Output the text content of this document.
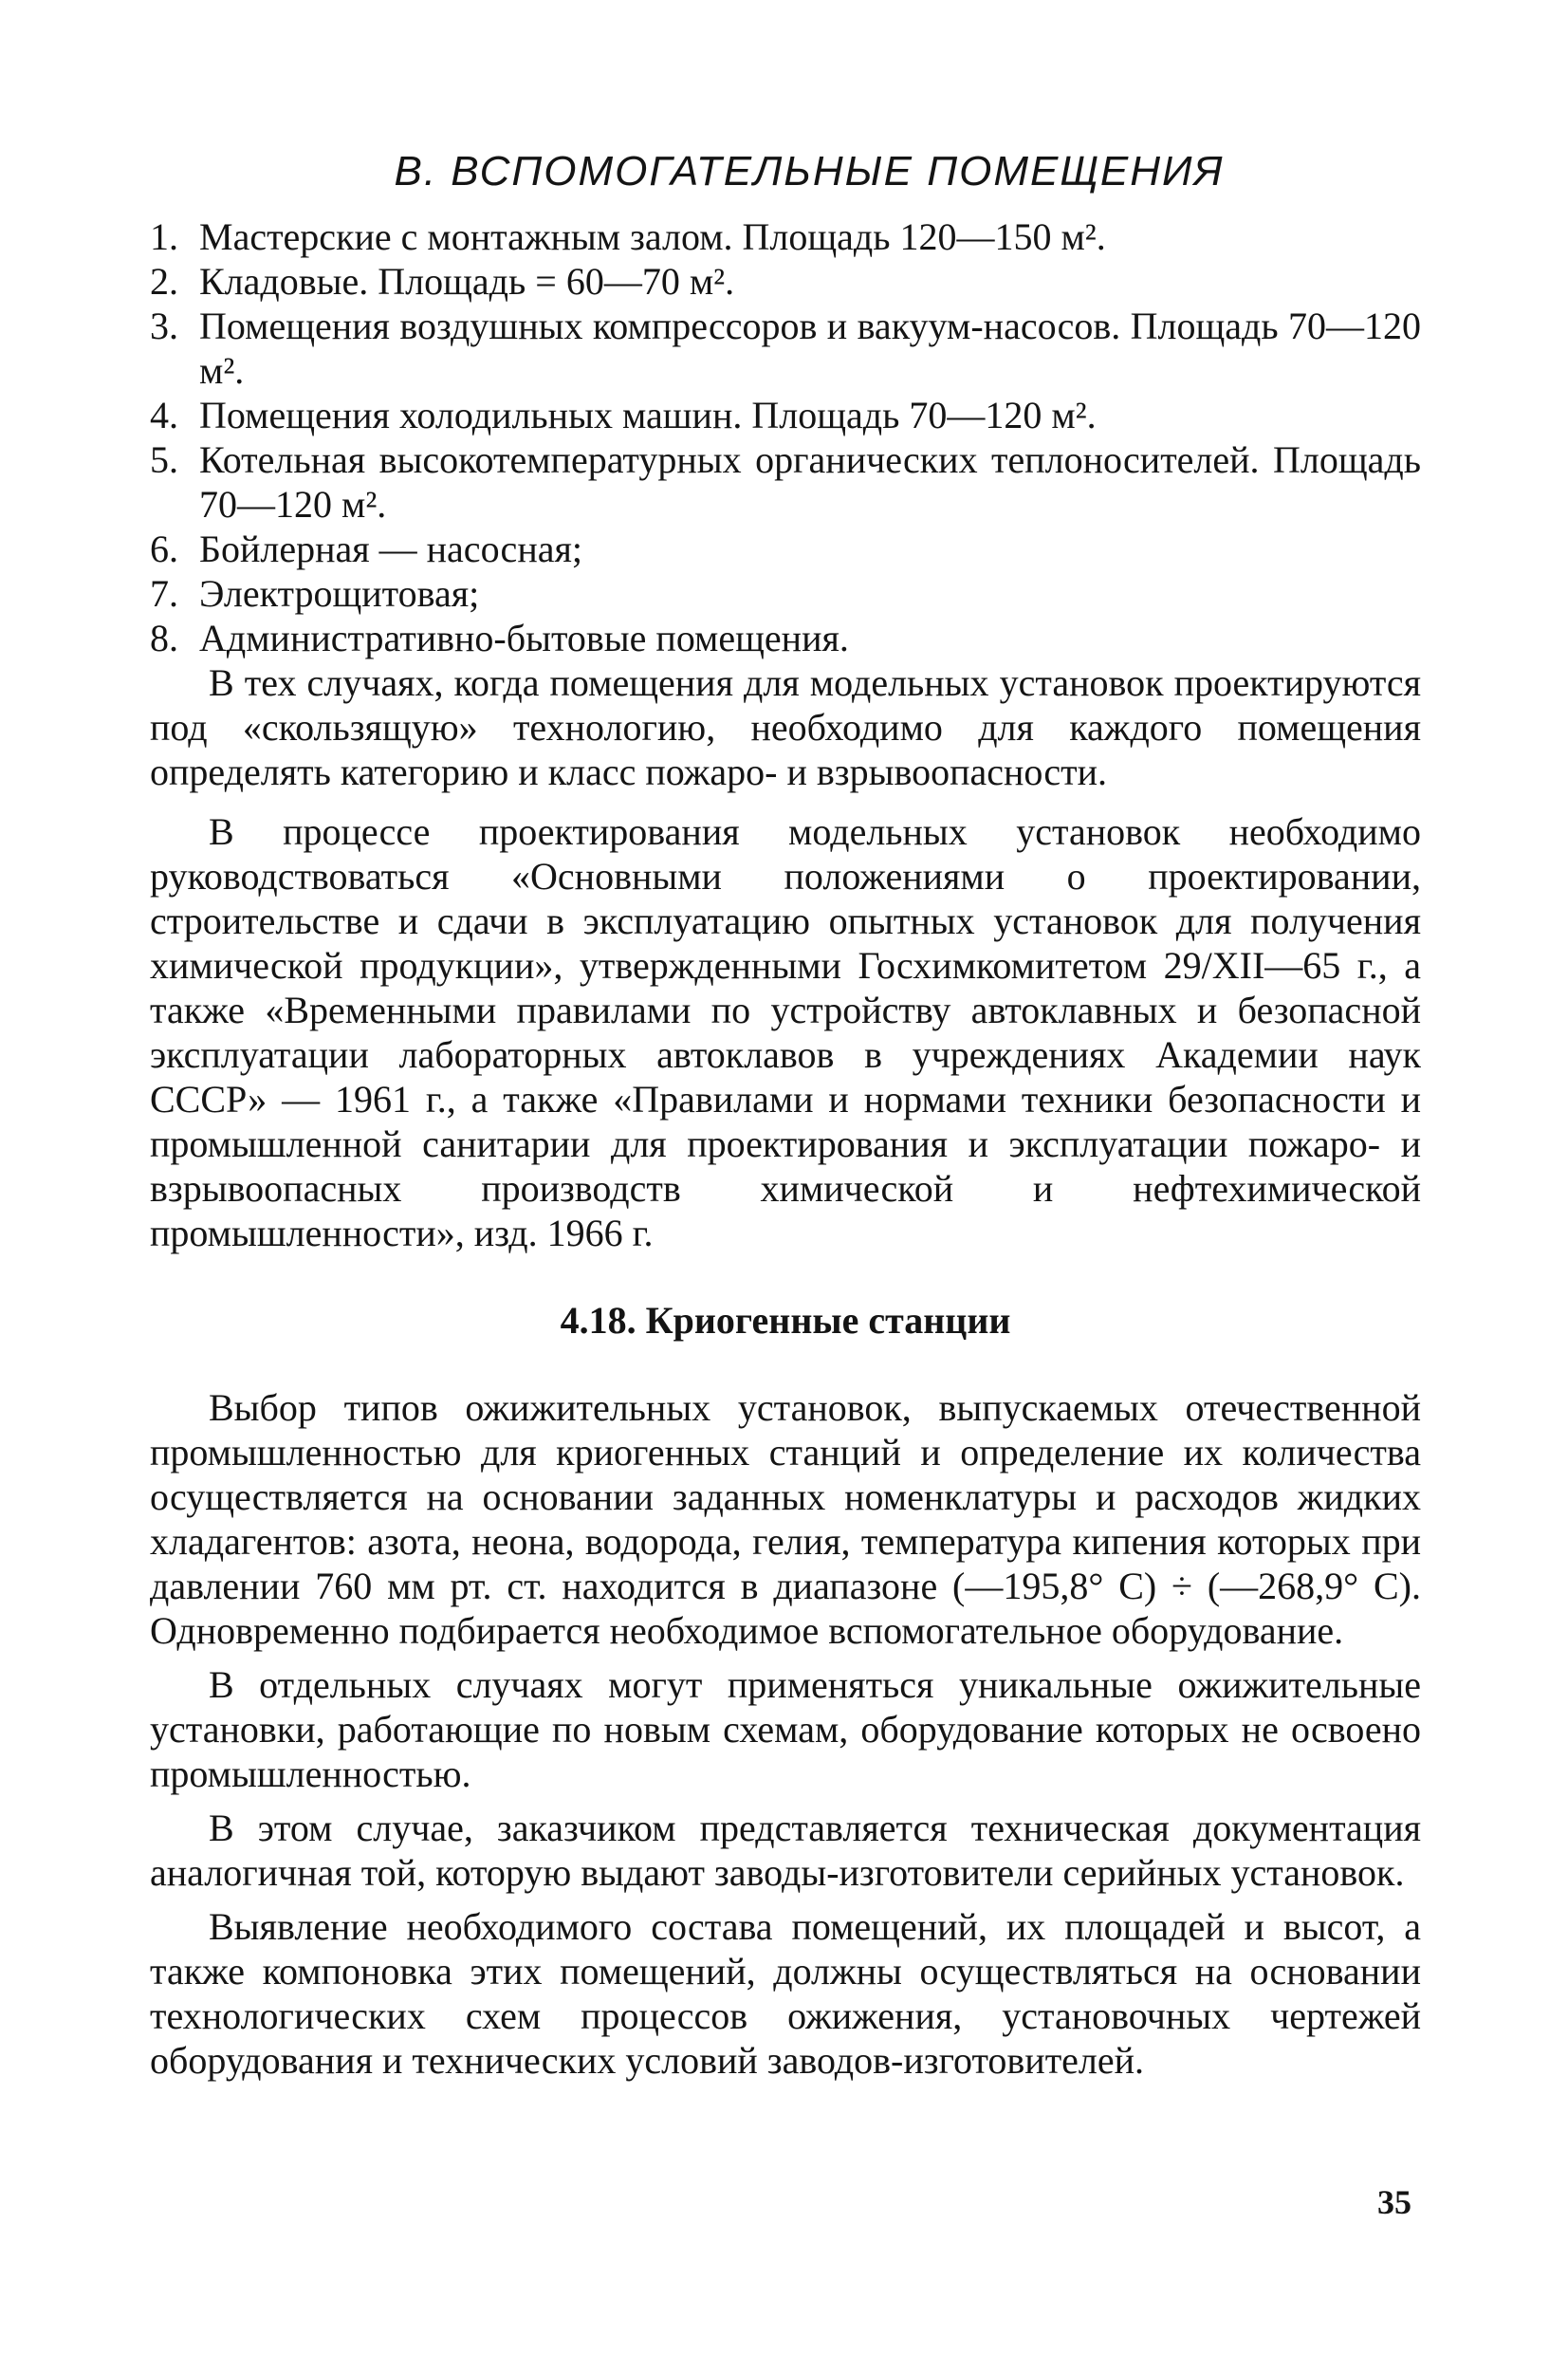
В. ВСПОМОГАТЕЛЬНЫЕ ПОМЕЩЕНИЯ
1. Мастерские с монтажным залом. Площадь 120—150 м².
2. Кладовые. Площадь = 60—70 м².
3. Помещения воздушных компрессоров и вакуум-насосов. Площадь 70—120 м².
4. Помещения холодильных машин. Площадь 70—120 м².
5. Котельная высокотемпературных органических теплоносителей. Площадь 70—120 м².
6. Бойлерная — насосная;
7. Электрощитовая;
8. Административно-бытовые помещения.

В тех случаях, когда помещения для модельных установок проектируются под «скользящую» технологию, необходимо для каждого помещения определять категорию и класс пожаро- и взрывоопасности.

В процессе проектирования модельных установок необходимо руководствоваться «Основными положениями о проектировании, строительстве и сдачи в эксплуатацию опытных установок для получения химической продукции», утвержденными Госхимкомитетом 29/XII—65 г., а также «Временными правилами по устройству автоклавных и безопасной эксплуатации лабораторных автоклавов в учреждениях Академии наук СССР» — 1961 г., а также «Правилами и нормами техники безопасности и промышленной санитарии для проектирования и эксплуатации пожаро- и взрывоопасных производств химической и нефтехимической промышленности», изд. 1966 г.

4.18. Криогенные станции

Выбор типов ожижительных установок, выпускаемых отечественной промышленностью для криогенных станций и определение их количества осуществляется на основании заданных номенклатуры и расходов жидких хладагентов: азота, неона, водорода, гелия, температура кипения которых при давлении 760 мм рт. ст. находится в диапазоне (—195,8° С) ÷ (—268,9° С). Одновременно подбирается необходимое вспомогательное оборудование.

В отдельных случаях могут применяться уникальные ожижительные установки, работающие по новым схемам, оборудование которых не освоено промышленностью.

В этом случае, заказчиком представляется техническая документация аналогичная той, которую выдают заводы-изготовители серийных установок.

Выявление необходимого состава помещений, их площадей и высот, а также компоновка этих помещений, должны осуществляться на основании технологических схем процессов ожижения, установочных чертежей оборудования и технических условий заводов-изготовителей.

35
